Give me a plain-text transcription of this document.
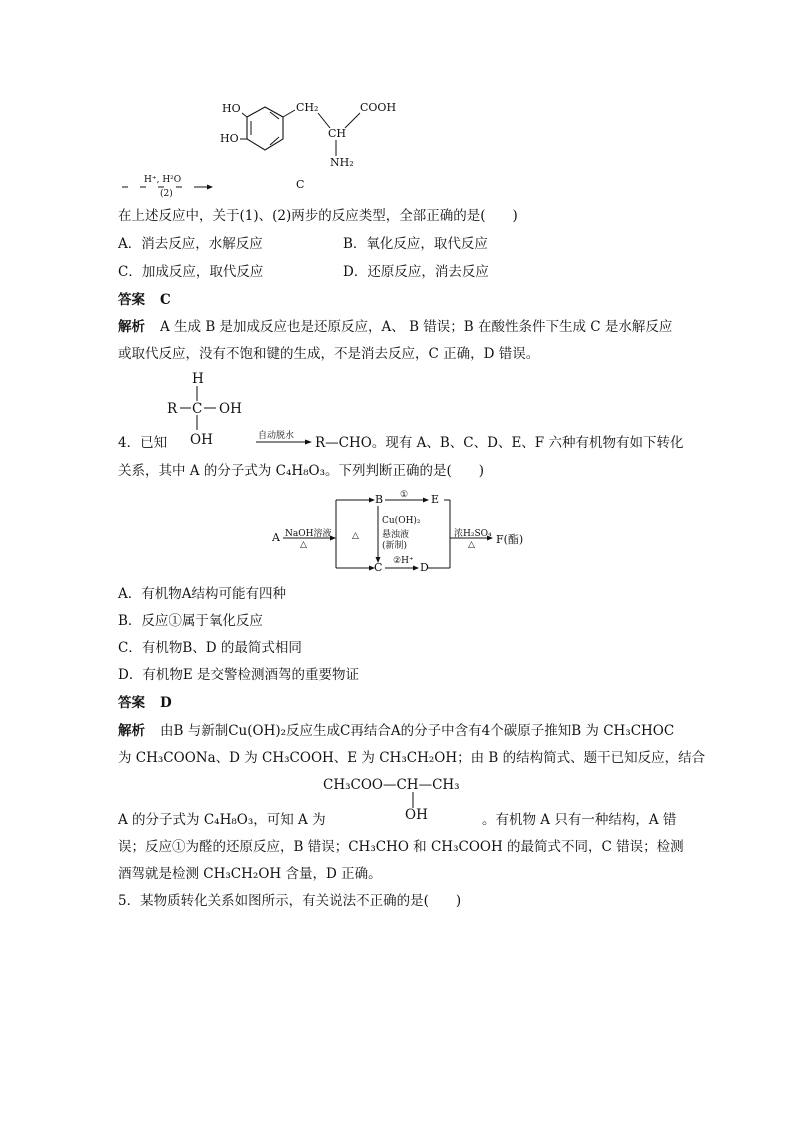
HO
HO
CH₂	COOH
CH
NH₂
H⁺, H²O
(2)
C
在上述反应中，关于(1)、(2)两步的反应类型，全部正确的是(　　)
A．消去反应，水解反应	B．氧化反应，取代反应
C．加成反应，取代反应	D．还原反应，消去反应
答案 C
解析 A 生成 B 是加成反应也是还原反应，A、 B 错误；B 在酸性条件下生成 C 是水解反应
或取代反应，没有不饱和键的生成，不是消去反应，C 正确，D 错误。
H
R C OH
OH
4．已知	自动脱水 R—CHO。现有 A、B、C、D、E、F 六种有机物有如下转化
关系，其中 A 的分子式为 C₄H₈O₃。下列判断正确的是(　　)
A NaOH溶液
△
B ① E
△
Cu(OH)₂
悬浊液
(新制)
C ②H⁺ D
浓H₂SO₄
△ F(酯)
A．有机物A结构可能有四种
B．反应①属于氧化反应
C．有机物B、D 的最简式相同
D．有机物E 是交警检测酒驾的重要物证
答案 D
解析 由B 与新制Cu(OH)₂反应生成C再结合A的分子中含有4个碳原子推知B 为 CH₃CHOC
为 CH₃COONa、D 为 CH₃COOH、E 为 CH₃CH₂OH；由 B 的结构简式、题干已知反应，结合
CH₃COO—CH—CH₃
OH
A 的分子式为 C₄H₈O₃，可知 A 为	。有机物 A 只有一种结构，A 错
误；反应①为醛的还原反应，B 错误；CH₃CHO 和 CH₃COOH 的最简式不同，C 错误；检测
酒驾就是检测 CH₃CH₂OH 含量，D 正确。
5．某物质转化关系如图所示，有关说法不正确的是(　　)
